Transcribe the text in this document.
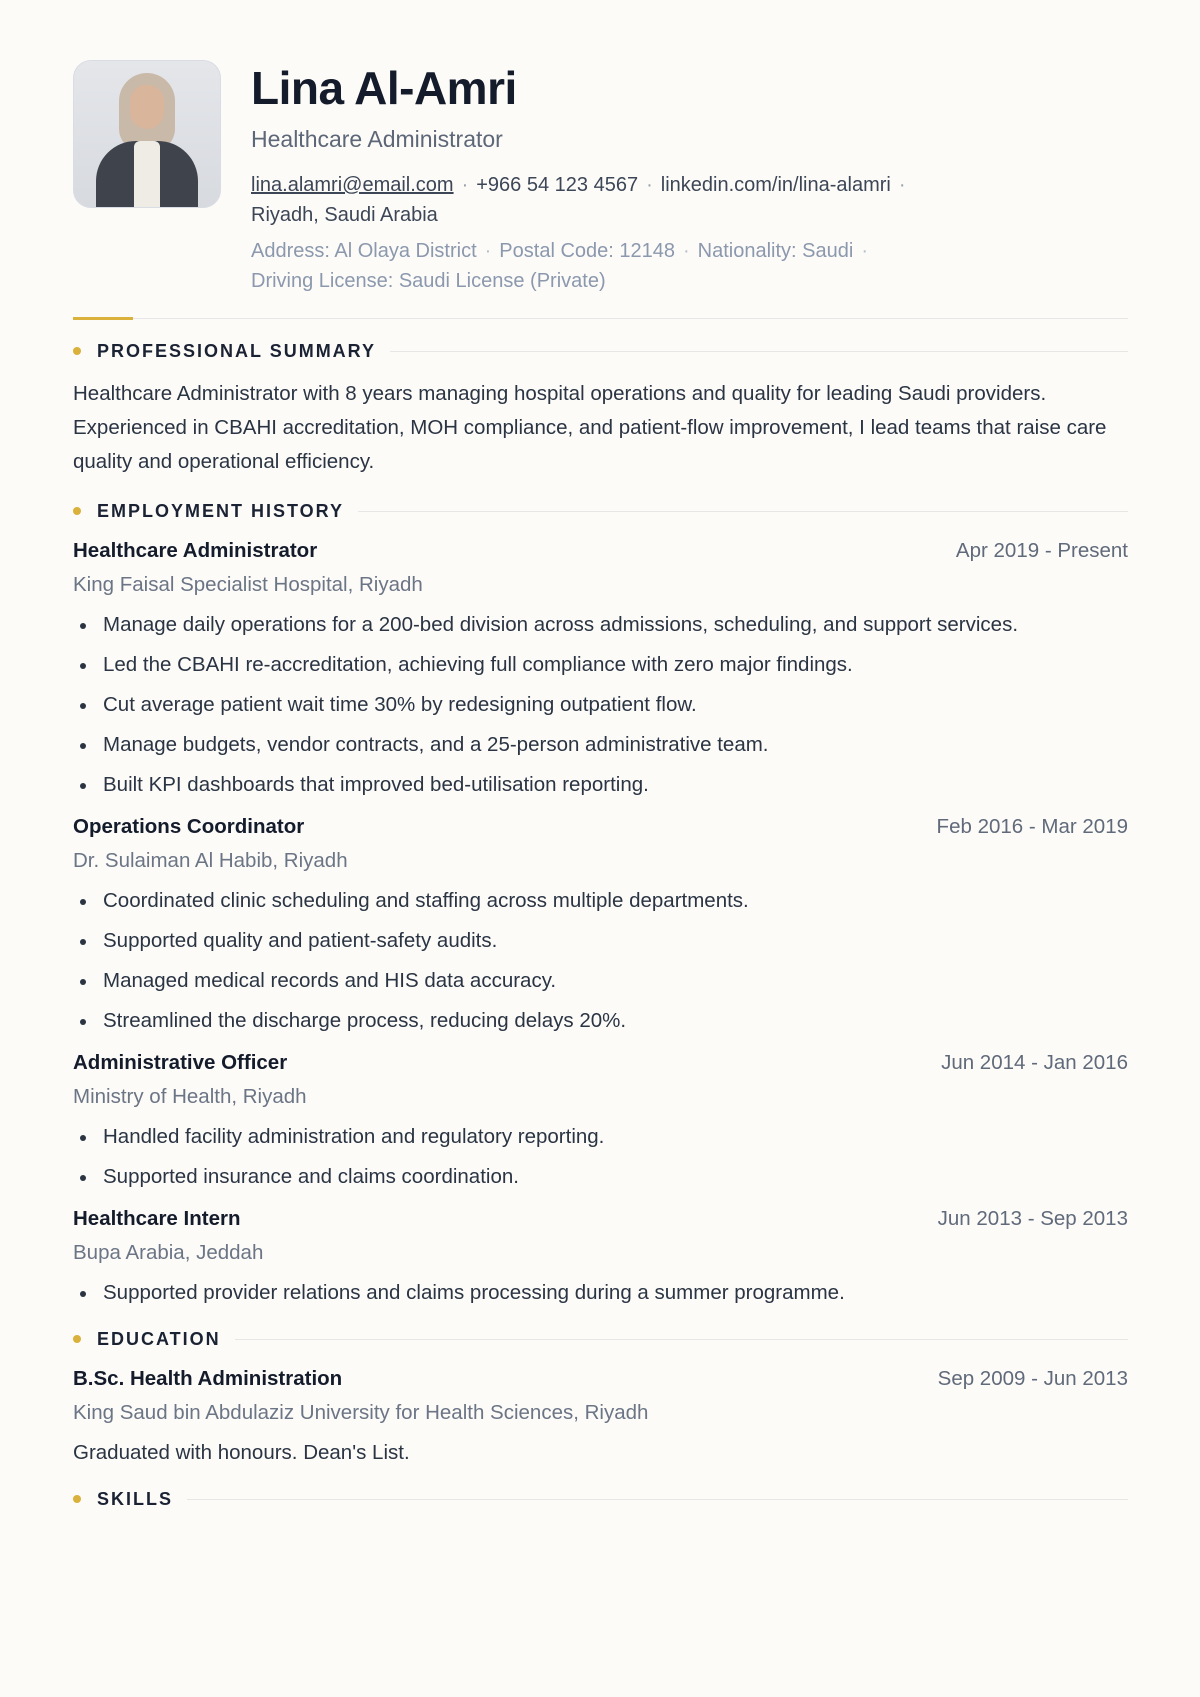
Lina Al-Amri
Healthcare Administrator
lina.alamri@email.com · +966 54 123 4567 · linkedin.com/in/lina-alamri ·
Riyadh, Saudi Arabia
Address: Al Olaya District · Postal Code: 12148 · Nationality: Saudi ·
Driving License: Saudi License (Private)
PROFESSIONAL SUMMARY
Healthcare Administrator with 8 years managing hospital operations and quality for leading Saudi providers. Experienced in CBAHI accreditation, MOH compliance, and patient-flow improvement, I lead teams that raise care quality and operational efficiency.
EMPLOYMENT HISTORY
Healthcare Administrator	Apr 2019 - Present
King Faisal Specialist Hospital, Riyadh
Manage daily operations for a 200-bed division across admissions, scheduling, and support services.
Led the CBAHI re-accreditation, achieving full compliance with zero major findings.
Cut average patient wait time 30% by redesigning outpatient flow.
Manage budgets, vendor contracts, and a 25-person administrative team.
Built KPI dashboards that improved bed-utilisation reporting.
Operations Coordinator	Feb 2016 - Mar 2019
Dr. Sulaiman Al Habib, Riyadh
Coordinated clinic scheduling and staffing across multiple departments.
Supported quality and patient-safety audits.
Managed medical records and HIS data accuracy.
Streamlined the discharge process, reducing delays 20%.
Administrative Officer	Jun 2014 - Jan 2016
Ministry of Health, Riyadh
Handled facility administration and regulatory reporting.
Supported insurance and claims coordination.
Healthcare Intern	Jun 2013 - Sep 2013
Bupa Arabia, Jeddah
Supported provider relations and claims processing during a summer programme.
EDUCATION
B.Sc. Health Administration	Sep 2009 - Jun 2013
King Saud bin Abdulaziz University for Health Sciences, Riyadh
Graduated with honours. Dean's List.
SKILLS
